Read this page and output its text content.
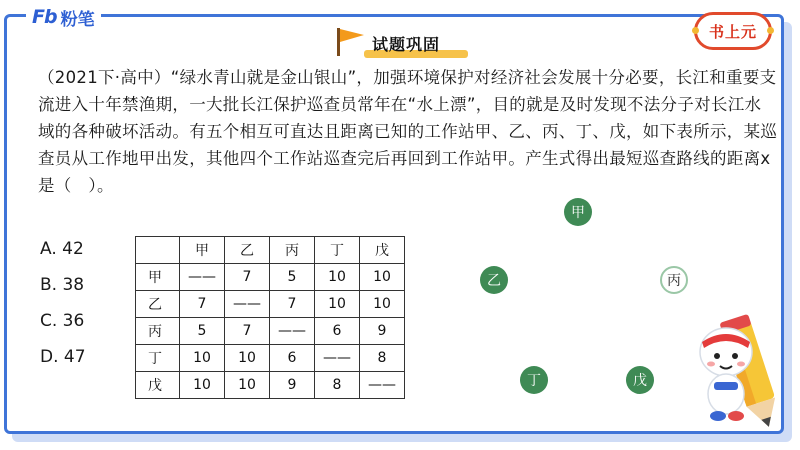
Fb 粉笔
试题巩固
书上元
（2021下·高中）“绿水青山就是金山银山”，加强环境保护对经济社会发展十分必要，长江和重要支流进入十年禁渔期，一大批长江保护巡查员常年在“水上漂”，目的就是及时发现不法分子对长江水域的各种破坏活动。有五个相互可直达且距离已知的工作站甲、乙、丙、丁、戊，如下表所示，某巡查员从工作地甲出发，其他四个工作站巡查完后再回到工作站甲。产生式得出最短巡查路线的距离x是（　）。
A. 42
B. 38
C. 36
D. 47
	甲	乙	丙	丁	戊
甲	——	7	5	10	10
乙	7	——	7	10	10
丙	5	7	——	6	9
丁	10	10	6	——	8
戊	10	10	9	8	——
甲
乙	丙
丁	戊
